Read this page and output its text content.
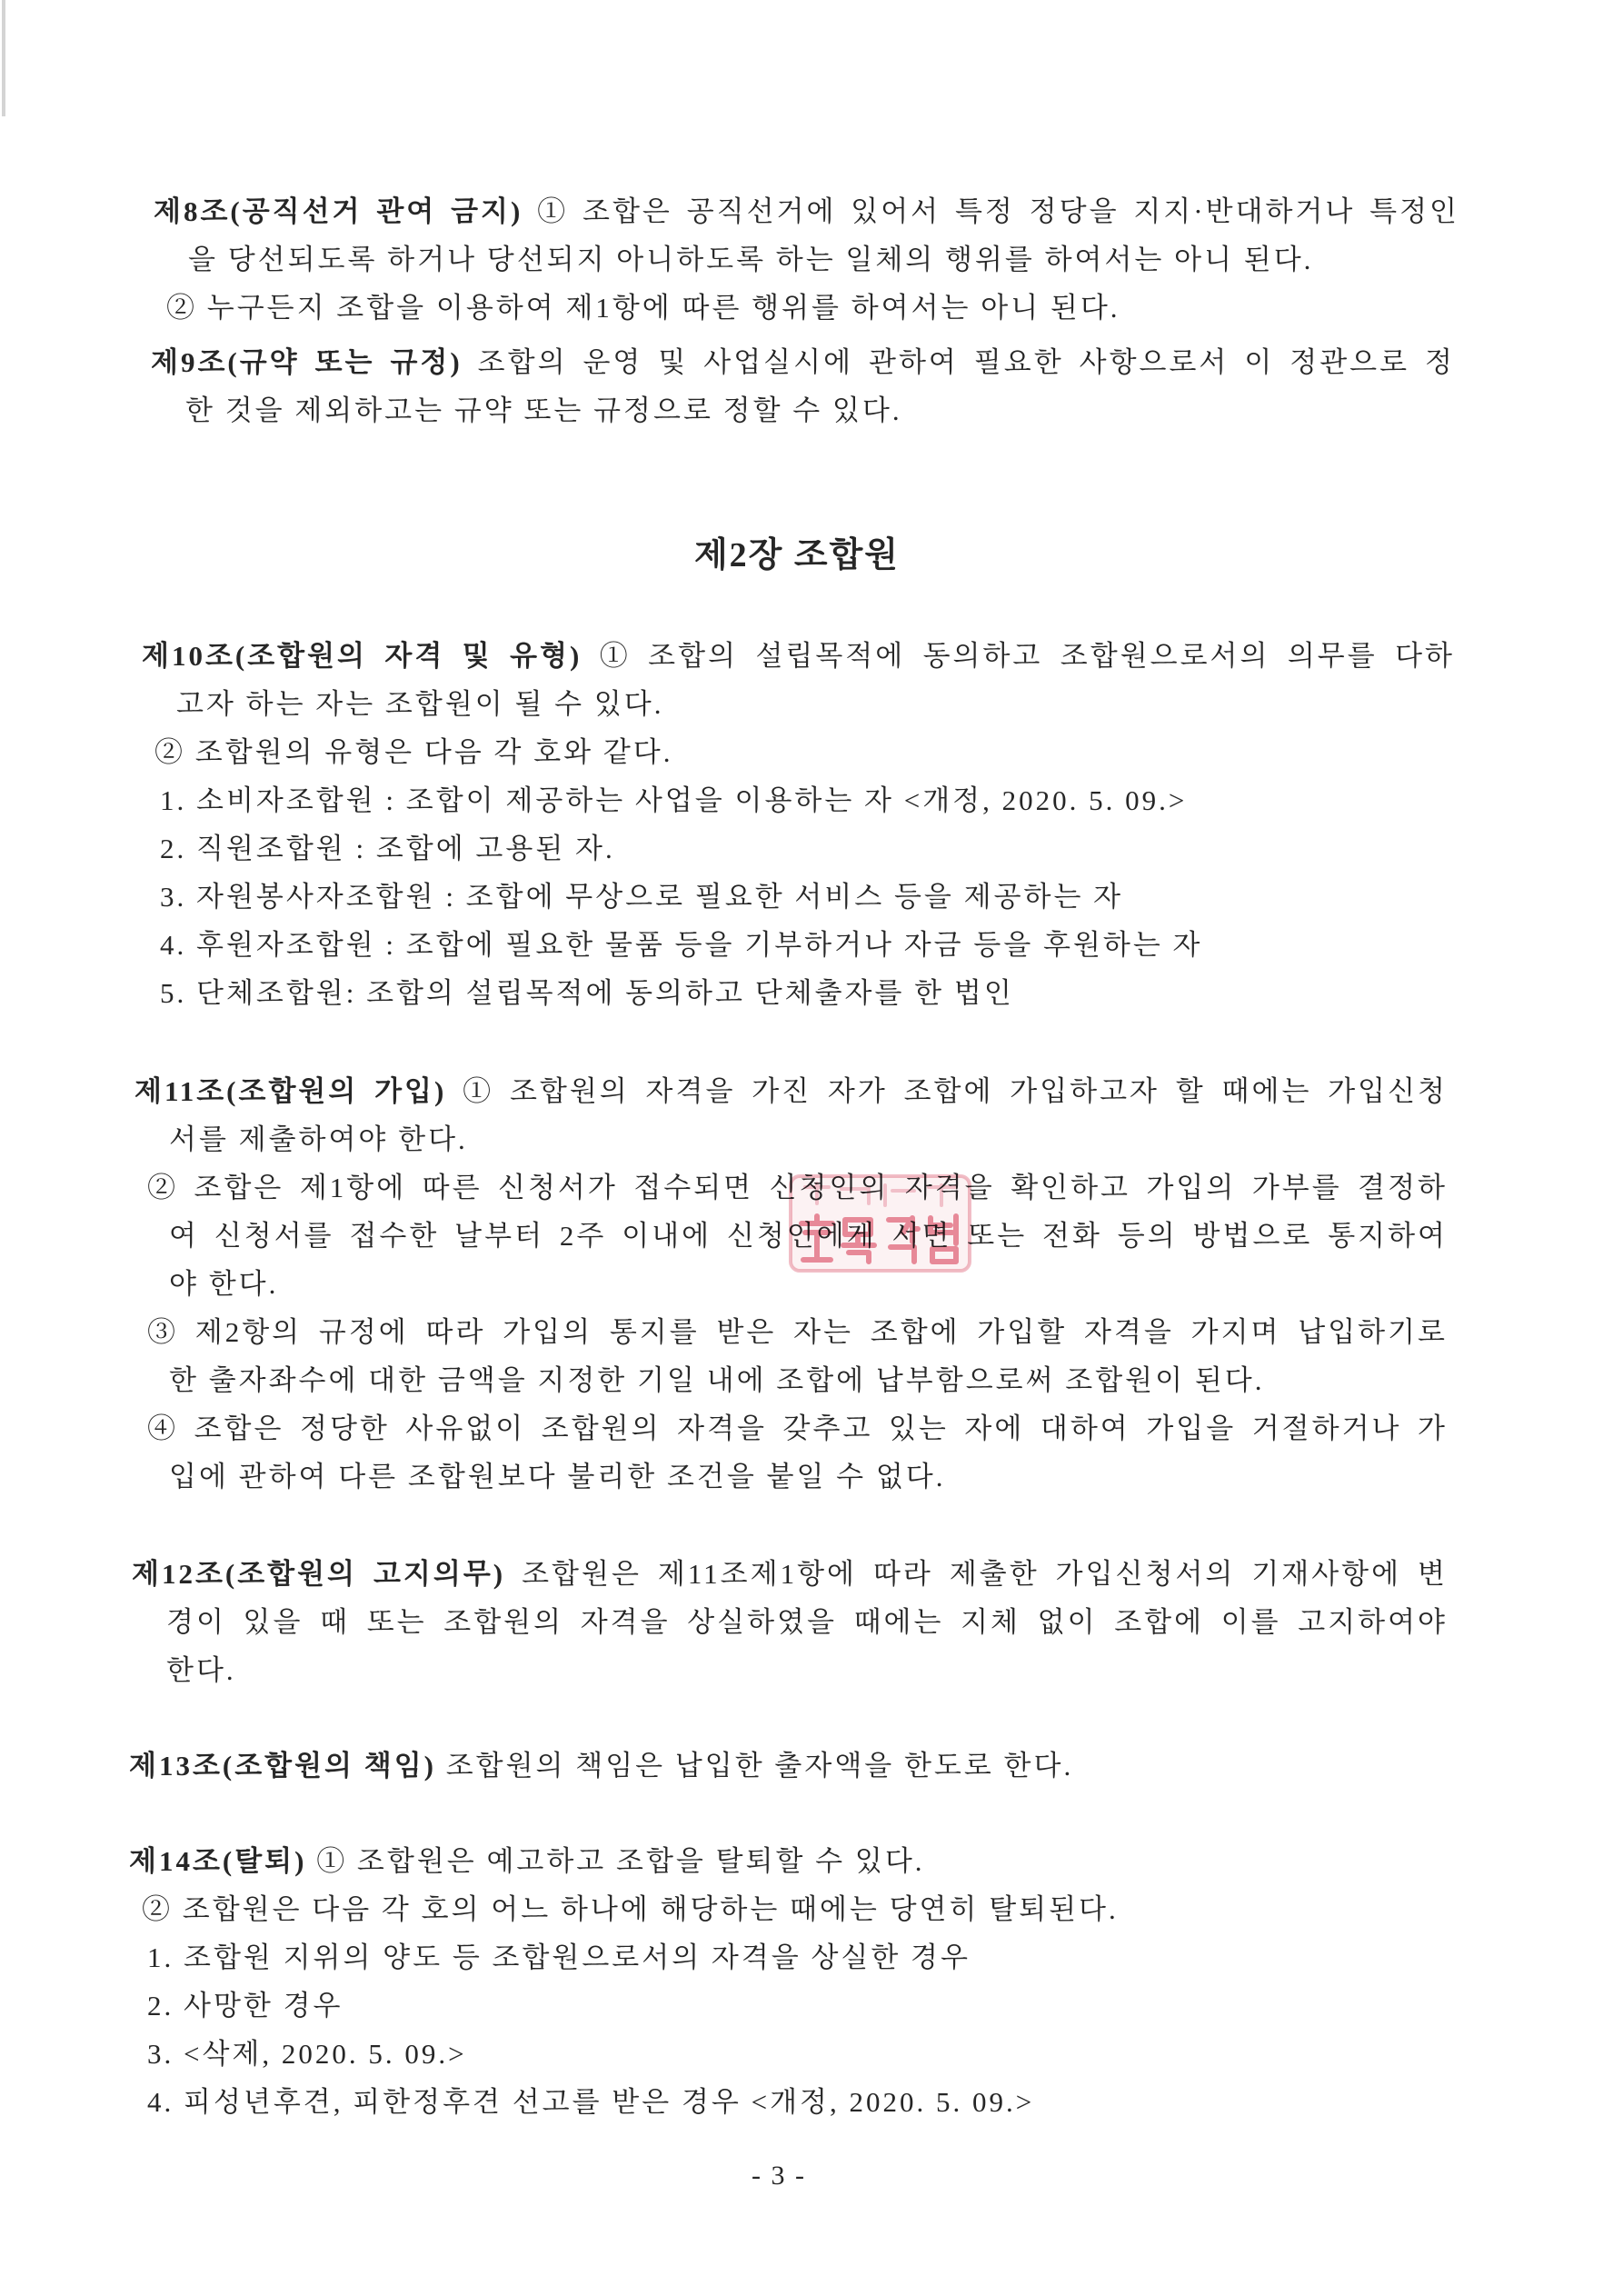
제8조(공직선거 관여 금지) ① 조합은 공직선거에 있어서 특정 정당을 지지·반대하거나 특정인
을 당선되도록 하거나 당선되지 아니하도록 하는 일체의 행위를 하여서는 아니 된다.
② 누구든지 조합을 이용하여 제1항에 따른 행위를 하여서는 아니 된다.
제9조(규약 또는 규정) 조합의 운영 및 사업실시에 관하여 필요한 사항으로서 이 정관으로 정
한 것을 제외하고는 규약 또는 규정으로 정할 수 있다.
제2장 조합원
제10조(조합원의 자격 및 유형) ① 조합의 설립목적에 동의하고 조합원으로서의 의무를 다하
고자 하는 자는 조합원이 될 수 있다.
② 조합원의 유형은 다음 각 호와 같다.
1. 소비자조합원 : 조합이 제공하는 사업을 이용하는 자 <개정, 2020. 5. 09.>
2. 직원조합원 : 조합에 고용된 자.
3. 자원봉사자조합원 : 조합에 무상으로 필요한 서비스 등을 제공하는 자
4. 후원자조합원 : 조합에 필요한 물품 등을 기부하거나 자금 등을 후원하는 자
5. 단체조합원: 조합의 설립목적에 동의하고 단체출자를 한 법인
제11조(조합원의 가입) ① 조합원의 자격을 가진 자가 조합에 가입하고자 할 때에는 가입신청
서를 제출하여야 한다.
② 조합은 제1항에 따른 신청서가 접수되면 신청인의 자격을 확인하고 가입의 가부를 결정하
여 신청서를 접수한 날부터 2주 이내에 신청인에게 서면 또는 전화 등의 방법으로 통지하여
야 한다.
③ 제2항의 규정에 따라 가입의 통지를 받은 자는 조합에 가입할 자격을 가지며 납입하기로
한 출자좌수에 대한 금액을 지정한 기일 내에 조합에 납부함으로써 조합원이 된다.
④ 조합은 정당한 사유없이 조합원의 자격을 갖추고 있는 자에 대하여 가입을 거절하거나 가
입에 관하여 다른 조합원보다 불리한 조건을 붙일 수 없다.
제12조(조합원의 고지의무) 조합원은 제11조제1항에 따라 제출한 가입신청서의 기재사항에 변
경이 있을 때 또는 조합원의 자격을 상실하였을 때에는 지체 없이 조합에 이를 고지하여야
한다.
제13조(조합원의 책임) 조합원의 책임은 납입한 출자액을 한도로 한다.
제14조(탈퇴) ① 조합원은 예고하고 조합을 탈퇴할 수 있다.
② 조합원은 다음 각 호의 어느 하나에 해당하는 때에는 당연히 탈퇴된다.
1. 조합원 지위의 양도 등 조합원으로서의 자격을 상실한 경우
2. 사망한 경우
3. <삭제, 2020. 5. 09.>
4. 피성년후견, 피한정후견 선고를 받은 경우 <개정, 2020. 5. 09.>
- 3 -
